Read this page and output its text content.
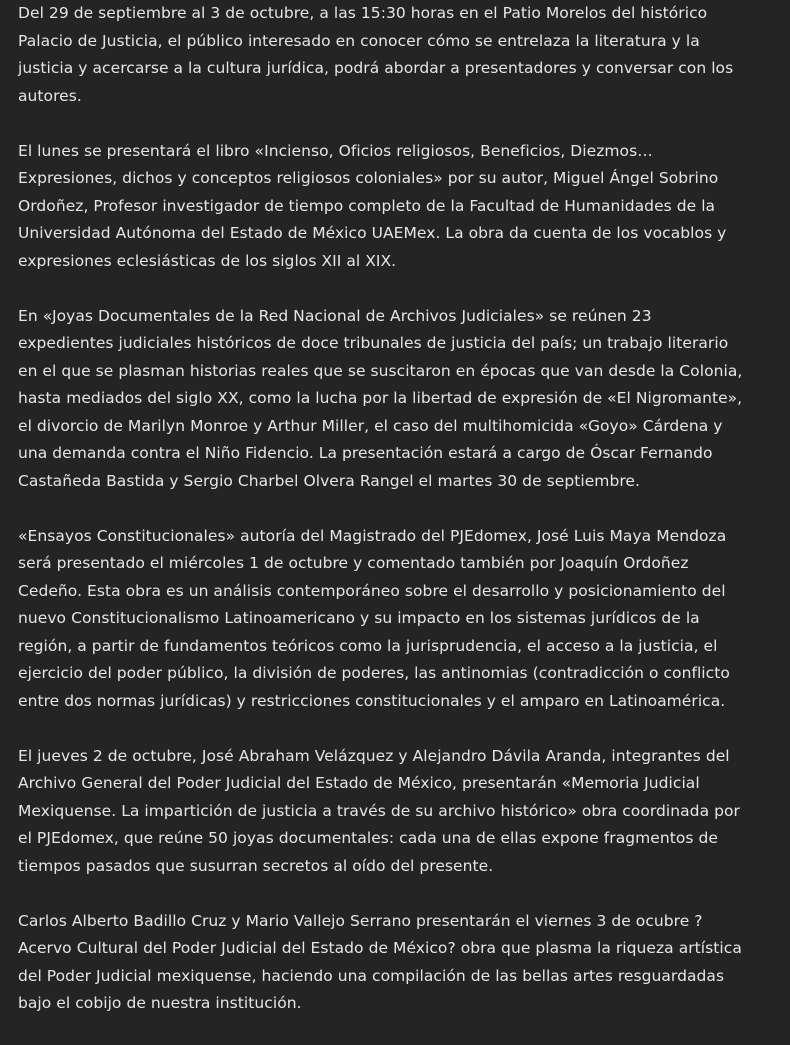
Del 29 de septiembre al 3 de octubre, a las 15:30 horas en el Patio Morelos del histórico
Palacio de Justicia, el público interesado en conocer cómo se entrelaza la literatura y la
justicia y acercarse a la cultura jurídica, podrá abordar a presentadores y conversar con los
autores.

El lunes se presentará el libro «Incienso, Oficios religiosos, Beneficios, Diezmos…
Expresiones, dichos y conceptos religiosos coloniales» por su autor, Miguel Ángel Sobrino
Ordoñez, Profesor investigador de tiempo completo de la Facultad de Humanidades de la
Universidad Autónoma del Estado de México UAEMex. La obra da cuenta de los vocablos y
expresiones eclesiásticas de los siglos XII al XIX.

En «Joyas Documentales de la Red Nacional de Archivos Judiciales» se reúnen 23
expedientes judiciales históricos de doce tribunales de justicia del país; un trabajo literario
en el que se plasman historias reales que se suscitaron en épocas que van desde la Colonia,
hasta mediados del siglo XX, como la lucha por la libertad de expresión de «El Nigromante»,
el divorcio de Marilyn Monroe y Arthur Miller, el caso del multihomicida «Goyo» Cárdena y
una demanda contra el Niño Fidencio. La presentación estará a cargo de Óscar Fernando
Castañeda Bastida y Sergio Charbel Olvera Rangel el martes 30 de septiembre.

«Ensayos Constitucionales» autoría del Magistrado del PJEdomex, José Luis Maya Mendoza
será presentado el miércoles 1 de octubre y comentado también por Joaquín Ordoñez
Cedeño. Esta obra es un análisis contemporáneo sobre el desarrollo y posicionamiento del
nuevo Constitucionalismo Latinoamericano y su impacto en los sistemas jurídicos de la
región, a partir de fundamentos teóricos como la jurisprudencia, el acceso a la justicia, el
ejercicio del poder público, la división de poderes, las antinomias (contradicción o conflicto
entre dos normas jurídicas) y restricciones constitucionales y el amparo en Latinoamérica.

El jueves 2 de octubre, José Abraham Velázquez y Alejandro Dávila Aranda, integrantes del
Archivo General del Poder Judicial del Estado de México, presentarán «Memoria Judicial
Mexiquense. La impartición de justicia a través de su archivo histórico» obra coordinada por
el PJEdomex, que reúne 50 joyas documentales: cada una de ellas expone fragmentos de
tiempos pasados que susurran secretos al oído del presente.

Carlos Alberto Badillo Cruz y Mario Vallejo Serrano presentarán el viernes 3 de ocubre ?
Acervo Cultural del Poder Judicial del Estado de México? obra que plasma la riqueza artística
del Poder Judicial mexiquense, haciendo una compilación de las bellas artes resguardadas
bajo el cobijo de nuestra institución.
